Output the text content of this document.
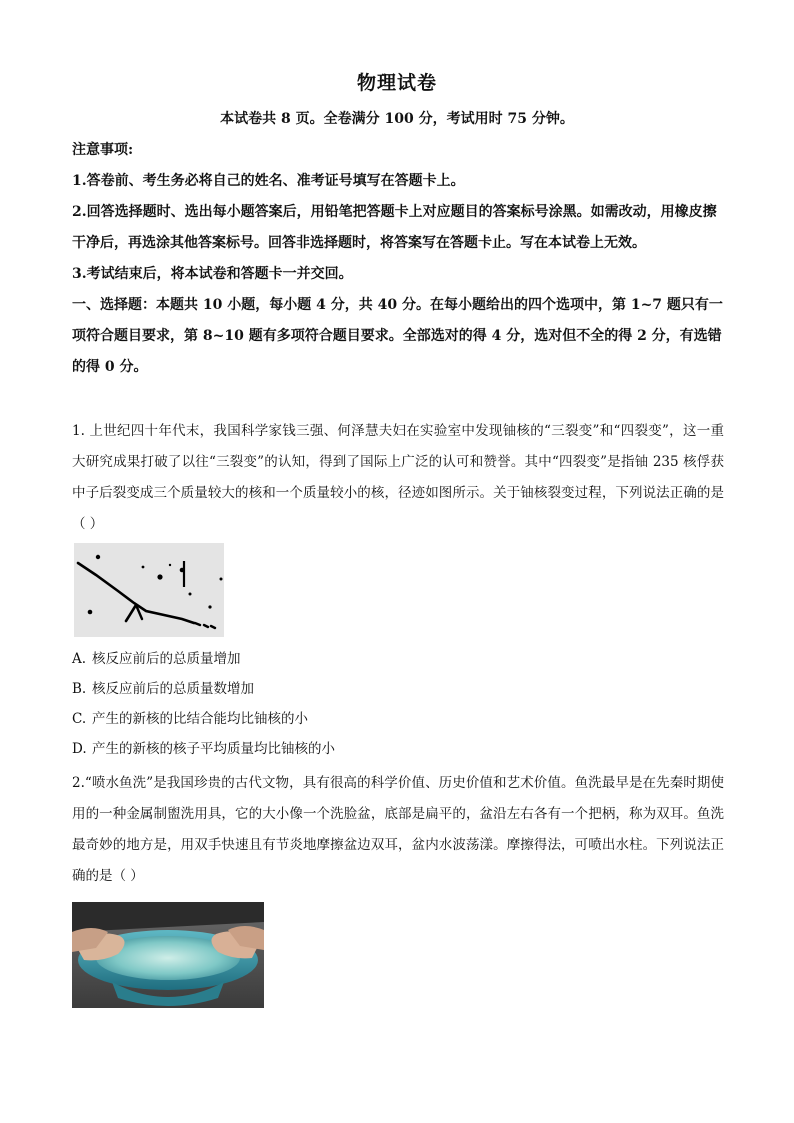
物理试卷
本试卷共 8 页。全卷满分 100 分，考试用时 75 分钟。

注意事项:

1.答卷前、考生务必将自己的姓名、准考证号填写在答题卡上。

2.回答选择题时、选出每小题答案后，用铅笔把答题卡上对应题目的答案标号涂黑。如需改动，用橡皮擦干净后，再选涂其他答案标号。回答非选择题时，将答案写在答题卡止。写在本试卷上无效。

3.考试结束后，将本试卷和答题卡一并交回。

一、选择题：本题共 10 小题，每小题 4 分，共 40 分。在每小题给出的四个选项中，第 1~7 题只有一项符合题目要求，第 8~10 题有多项符合题目要求。全部选对的得 4 分，选对但不全的得 2 分，有选错的得 0 分。

1. 上世纪四十年代末，我国科学家钱三强、何泽慧夫妇在实验室中发现铀核的“三裂变”和“四裂变”，这一重大研究成果打破了以往“三裂变”的认知，得到了国际上广泛的认可和赞誉。其中“四裂变”是指铀 235 核俘获中子后裂变成三个质量较大的核和一个质量较小的核，径迹如图所示。关于铀核裂变过程，下列说法正确的是（ ）

A. 核反应前后的总质量增加

B. 核反应前后的总质量数增加

C. 产生的新核的比结合能均比铀核的小

D. 产生的新核的核子平均质量均比铀核的小

2.“喷水鱼洗”是我国珍贵的古代文物，具有很高的科学价值、历史价值和艺术价值。鱼洗最早是在先秦时期使用的一种金属制盥洗用具，它的大小像一个洗脸盆，底部是扁平的，盆沿左右各有一个把柄，称为双耳。鱼洗最奇妙的地方是，用双手快速且有节炎地摩擦盆边双耳，盆内水波荡漾。摩擦得法，可喷出水柱。下列说法正确的是（ ）
